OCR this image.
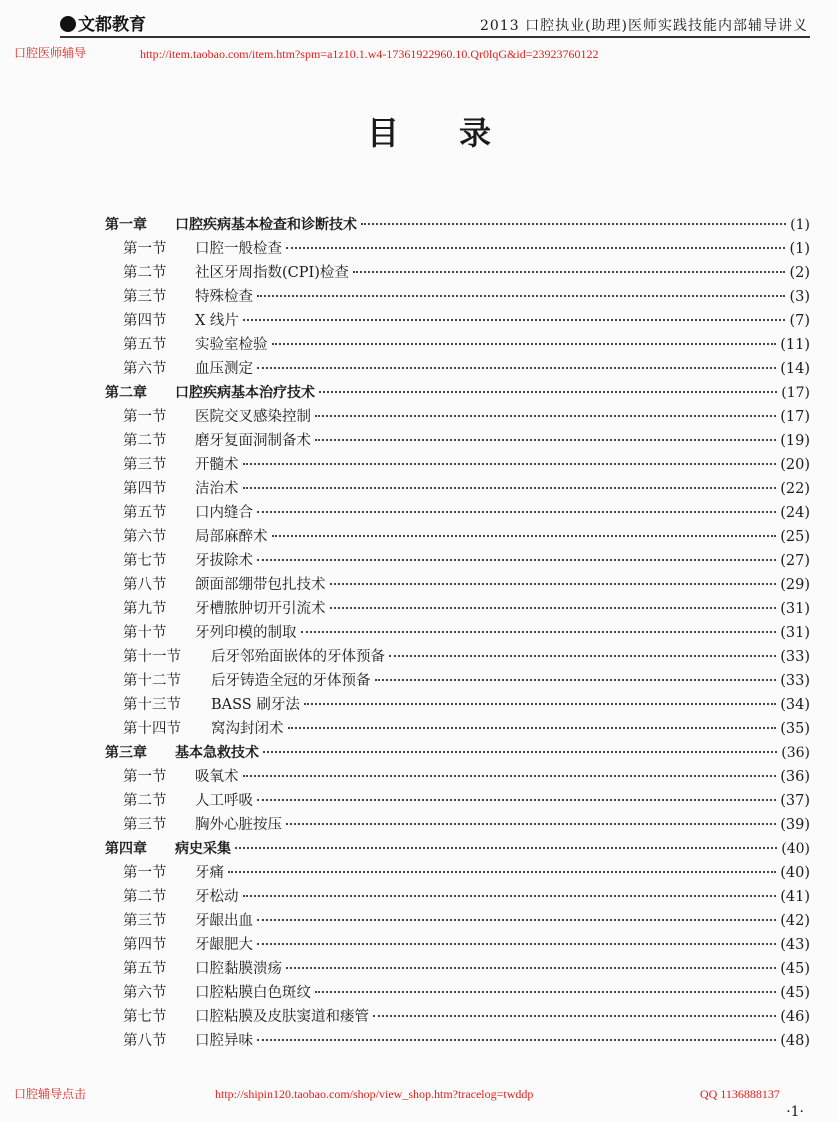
文都教育	2013 口腔执业(助理)医师实践技能内部辅导讲义
口腔医师辅导	http://item.taobao.com/item.htm?spm=a1z10.1.w4-17361922960.10.Qr0lqG&id=23923760122
目录
第一章	口腔疾病基本检查和诊断技术	(1)
第一节	口腔一般检查	(1)
第二节	社区牙周指数(CPI)检查	(2)
第三节	特殊检查	(3)
第四节	X 线片	(7)
第五节	实验室检验	(11)
第六节	血压测定	(14)
第二章	口腔疾病基本治疗技术	(17)
第一节	医院交叉感染控制	(17)
第二节	磨牙复面洞制备术	(19)
第三节	开髓术	(20)
第四节	洁治术	(22)
第五节	口内缝合	(24)
第六节	局部麻醉术	(25)
第七节	牙拔除术	(27)
第八节	颌面部绷带包扎技术	(29)
第九节	牙槽脓肿切开引流术	(31)
第十节	牙列印模的制取	(31)
第十一节	后牙邻殆面嵌体的牙体预备	(33)
第十二节	后牙铸造全冠的牙体预备	(33)
第十三节	BASS 刷牙法	(34)
第十四节	窝沟封闭术	(35)
第三章	基本急救技术	(36)
第一节	吸氧术	(36)
第二节	人工呼吸	(37)
第三节	胸外心脏按压	(39)
第四章	病史采集	(40)
第一节	牙痛	(40)
第二节	牙松动	(41)
第三节	牙龈出血	(42)
第四节	牙龈肥大	(43)
第五节	口腔黏膜溃疡	(45)
第六节	口腔粘膜白色斑纹	(45)
第七节	口腔粘膜及皮肤窦道和瘘管	(46)
第八节	口腔异味	(48)
口腔辅导点击	http://shipin120.taobao.com/shop/view_shop.htm?tracelog=twddp	QQ 1136888137
·1·
